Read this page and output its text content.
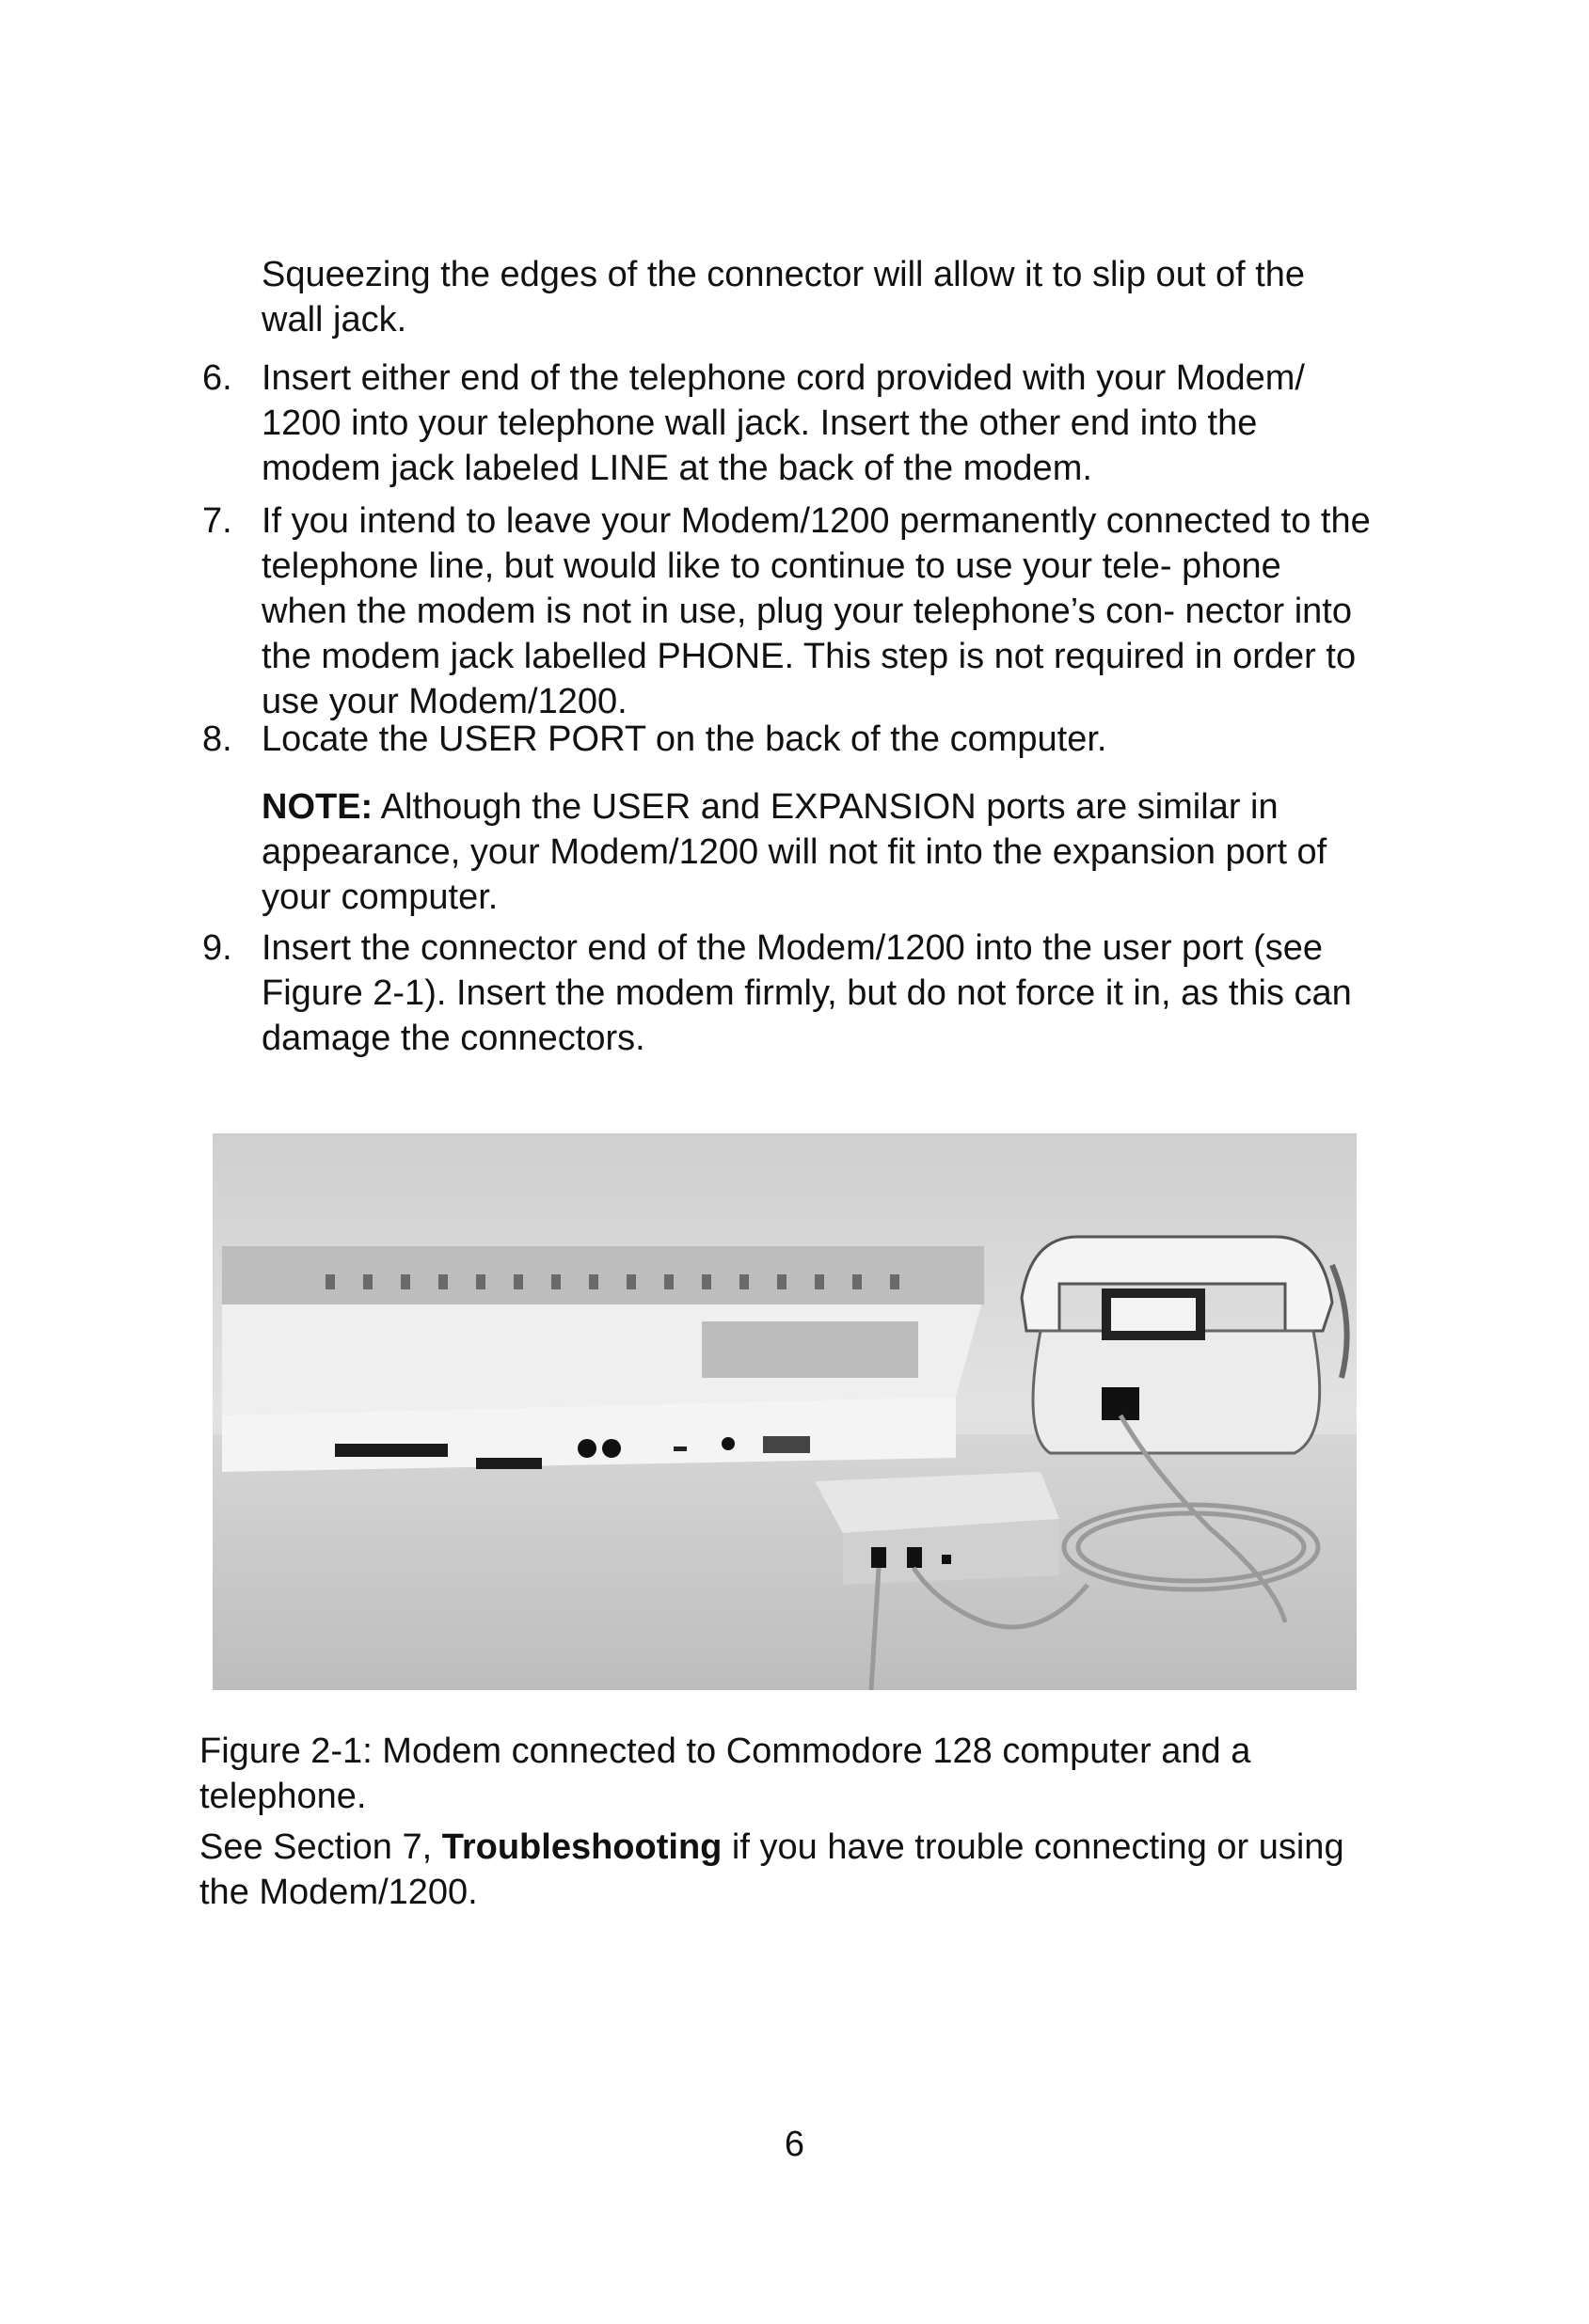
Squeezing the edges of the connector will allow it to slip out of the wall jack.
6. Insert either end of the telephone cord provided with your Modem/ 1200 into your telephone wall jack. Insert the other end into the modem jack labeled LINE at the back of the modem.
7. If you intend to leave your Modem/1200 permanently connected to the telephone line, but would like to continue to use your tele- phone when the modem is not in use, plug your telephone’s con- nector into the modem jack labelled PHONE. This step is not required in order to use your Modem/1200.
8. Locate the USER PORT on the back of the computer.
NOTE: Although the USER and EXPANSION ports are similar in appearance, your Modem/1200 will not fit into the expansion port of your computer.
9. Insert the connector end of the Modem/1200 into the user port (see Figure 2-1). Insert the modem firmly, but do not force it in, as this can damage the connectors.
Figure 2-1: Modem connected to Commodore 128 computer and a telephone.
See Section 7, Troubleshooting if you have trouble connecting or using the Modem/1200.
6
